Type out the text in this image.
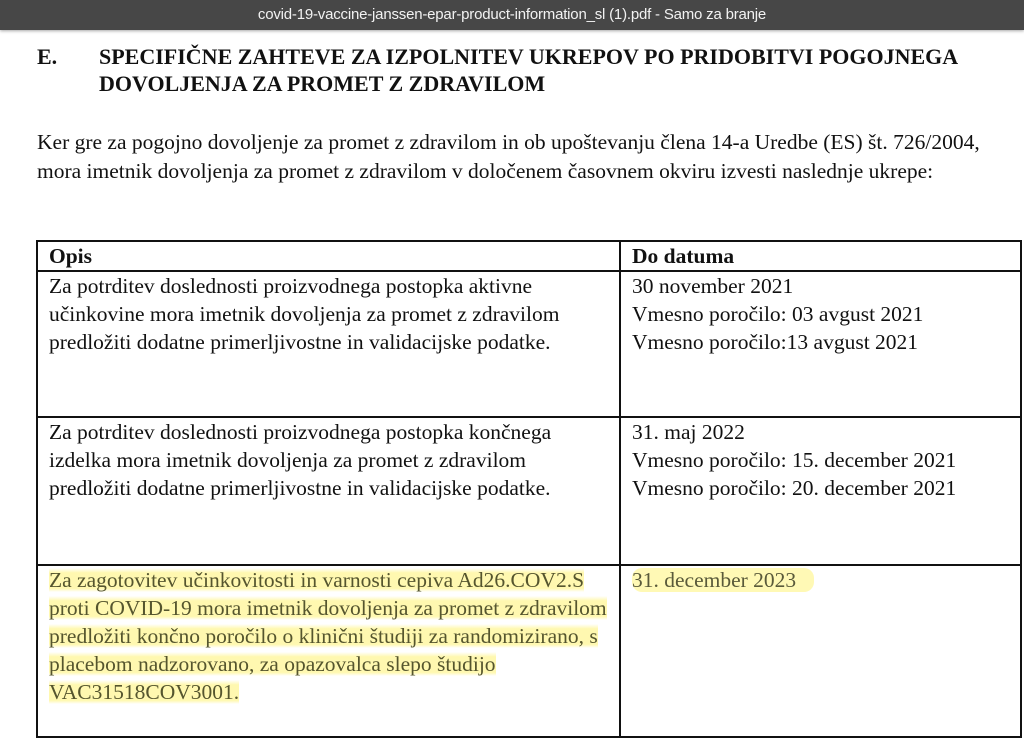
covid-19-vaccine-janssen-epar-product-information_sl (1).pdf - Samo za branje
E. SPECIFIČNE ZAHTEVE ZA IZPOLNITEV UKREPOV PO PRIDOBITVI POGOJNEGA DOVOLJENJA ZA PROMET Z ZDRAVILOM
Ker gre za pogojno dovoljenje za promet z zdravilom in ob upoštevanju člena 14-a Uredbe (ES) št. 726/2004, mora imetnik dovoljenja za promet z zdravilom v določenem časovnem okviru izvesti naslednje ukrepe:
Opis	Do datuma
Za potrditev doslednosti proizvodnega postopka aktivne učinkovine mora imetnik dovoljenja za promet z zdravilom predložiti dodatne primerljivostne in validacijske podatke.	30 november 2021
Vmesno poročilo: 03 avgust 2021
Vmesno poročilo:13 avgust 2021

Za potrditev doslednosti proizvodnega postopka končnega izdelka mora imetnik dovoljenja za promet z zdravilom predložiti dodatne primerljivostne in validacijske podatke.	31. maj 2022
Vmesno poročilo: 15. december 2021
Vmesno poročilo: 20. december 2021

Za zagotovitev učinkovitosti in varnosti cepiva Ad26.COV2.S proti COVID-19 mora imetnik dovoljenja za promet z zdravilom predložiti končno poročilo o klinični študiji za randomizirano, s placebom nadzorovano, za opazovalca slepo študijo VAC31518COV3001.	31. december 2023
